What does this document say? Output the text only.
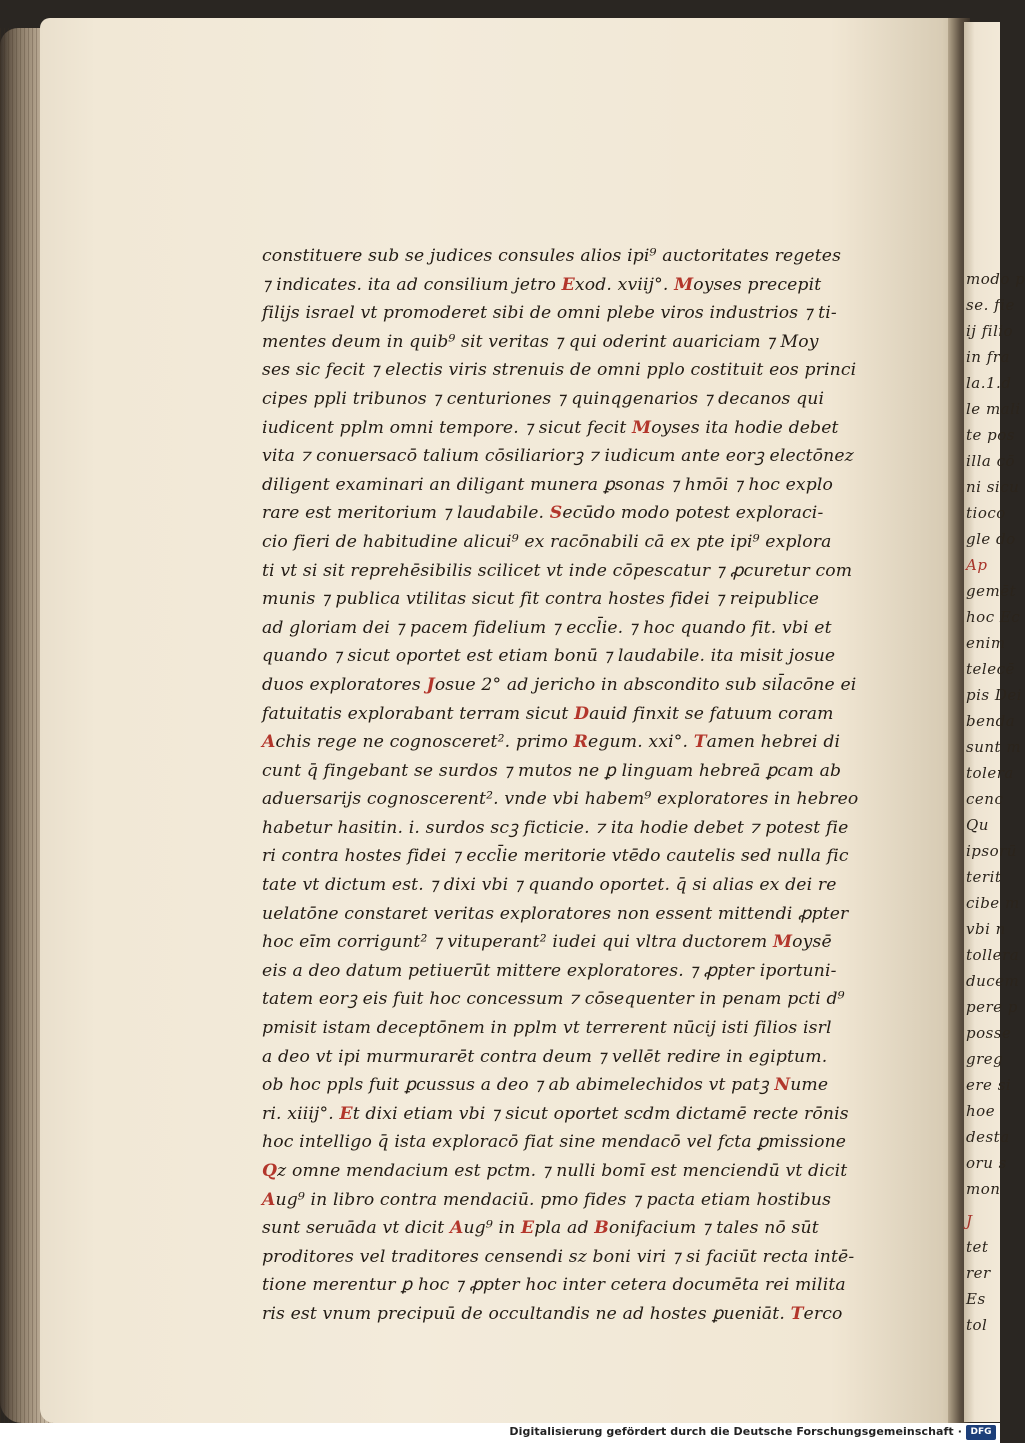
modo p
se. fie
ij filio
in fra
la.1.d
le mali
te pos
illa cō
ni sicu
tioco
gle do
Ap
gemēt
hoc Ec
enim
telecē
pis Dei
benda
sunt m
tolera
cenc
Qu
ipsorū
terit
cibe m
vbi n
tollera
ducem
pere p
posse
greg
ere si
hoe
desta
oru s
mon
J
tet
rer
Es
tol
constituere sub se judices consules alios ipi⁹ auctoritates regetes
⁊ indicates. ita ad consilium jetro Exod. xviij°. Moyses precepit
filijs israel vt promoderet sibi de omni plebe viros industrios ⁊ ti-
mentes deum in quib⁹ sit veritas ⁊ qui oderint auariciam ⁊ Moy
ses sic fecit ⁊ electis viris strenuis de omni pplo costituit eos princi
cipes ppli tribunos ⁊ centuriones ⁊ quinqgenarios ⁊ decanos qui
iudicent pplm omni tempore. ⁊ sicut fecit Moyses ita hodie debet
vita ⁊ conuersacō talium cōsiliariorꝫ ⁊ iudicum ante eorꝫ electōnez
diligent examinari an diligant munera ꝑsonas ⁊ hmōi ⁊ hoc explo
rare est meritorium ⁊ laudabile. Secūdo modo potest exploraci-
cio fieri de habitudine alicui⁹ ex racōnabili cā ex pte ipi⁹ explora
ti vt si sit reprehēsibilis scilicet vt inde cōpescatur ⁊ ꝓcuretur com
munis ⁊ publica vtilitas sicut fit contra hostes fidei ⁊ reipublice
ad gloriam dei ⁊ pacem fidelium ⁊ eccl̄ie. ⁊ hoc quando fit. vbi et
quando ⁊ sicut oportet est etiam bonū ⁊ laudabile. ita misit josue
duos exploratores Josue 2° ad jericho in abscondito sub sil̄acōne ei
fatuitatis explorabant terram sicut Dauid finxit se fatuum coram
Achis rege ne cognosceret². primo Regum. xxi°. Tamen hebrei di
cunt q̄ fingebant se surdos ⁊ mutos ne ꝑ linguam hebreā ꝑcam ab
aduersarijs cognoscerent². vnde vbi habem⁹ exploratores in hebreo
habetur hasitin. i. surdos scꝫ ficticie. ⁊ ita hodie debet ⁊ potest fie
ri contra hostes fidei ⁊ eccl̄ie meritorie vtēdo cautelis sed nulla fic
tate vt dictum est. ⁊ dixi vbi ⁊ quando oportet. q̄ si alias ex dei re
uelatōne constaret veritas exploratores non essent mittendi ꝓpter
hoc eīm corrigunt² ⁊ vituperant² iudei qui vltra ductorem Moysē
eis a deo datum petiuerūt mittere exploratores. ⁊ ꝓpter iportuni-
tatem eorꝫ eis fuit hoc concessum ⁊ cōsequenter in penam pcti d⁹
pmisit istam deceptōnem in pplm vt terrerent nūcij isti filios isrl
a deo vt ipi murmurarēt contra deum ⁊ vellēt redire in egiptum.
ob hoc ppls fuit ꝑcussus a deo ⁊ ab abimelechidos vt patꝫ Nume
ri. xiiij°. Et dixi etiam vbi ⁊ sicut oportet scdm dictamē recte rōnis
hoc intelligo q̄ ista exploracō fiat sine mendacō vel fcta ꝑmissione
Qz omne mendacium est pctm. ⁊ nulli bomī est menciendū vt dicit
Aug⁹ in libro contra mendaciū. pmo fides ⁊ pacta etiam hostibus
sunt seruāda vt dicit Aug⁹ in Epla ad Bonifacium ⁊ tales nō sūt
proditores vel traditores censendi sz boni viri ⁊ si faciūt recta intē-
tione merentur ꝑ hoc ⁊ ꝓpter hoc inter cetera documēta rei milita
ris est vnum precipuū de occultandis ne ad hostes ꝑueniāt. Terco
Digitalisierung gefördert durch die Deutsche Forschungsgemeinschaft · DFG
